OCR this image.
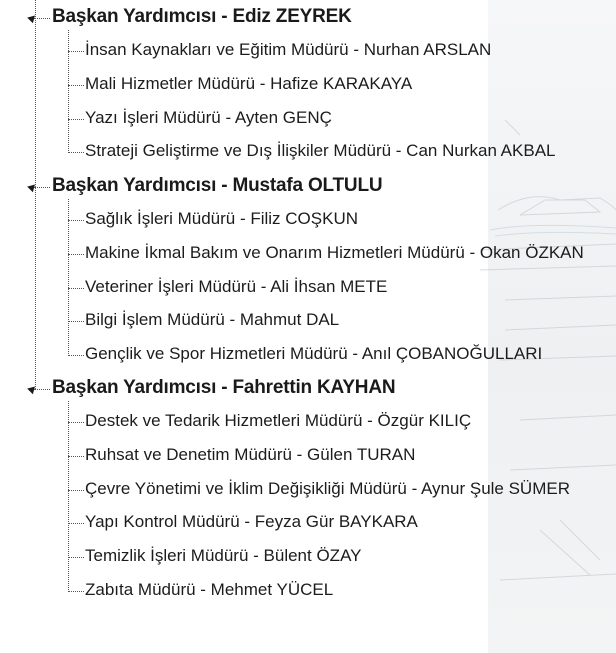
Başkan Yardımcısı - Ediz ZEYREK
İnsan Kaynakları ve Eğitim Müdürü - Nurhan ARSLAN
Mali Hizmetler Müdürü - Hafize KARAKAYA
Yazı İşleri Müdürü - Ayten GENÇ
Strateji Geliştirme ve Dış İlişkiler Müdürü - Can Nurkan AKBAL
Başkan Yardımcısı - Mustafa OLTULU
Sağlık İşleri Müdürü - Filiz COŞKUN
Makine İkmal Bakım ve Onarım Hizmetleri Müdürü - Okan ÖZKAN
Veteriner İşleri Müdürü - Ali İhsan METE
Bilgi İşlem Müdürü - Mahmut DAL
Gençlik ve Spor Hizmetleri Müdürü - Anıl ÇOBANOĞULLARI
Başkan Yardımcısı - Fahrettin KAYHAN
Destek ve Tedarik Hizmetleri Müdürü - Özgür KILIÇ
Ruhsat ve Denetim Müdürü - Gülen TURAN
Çevre Yönetimi ve İklim Değişikliği Müdürü - Aynur Şule SÜMER
Yapı Kontrol Müdürü - Feyza Gür BAYKARA
Temizlik İşleri Müdürü - Bülent ÖZAY
Zabıta Müdürü - Mehmet YÜCEL
